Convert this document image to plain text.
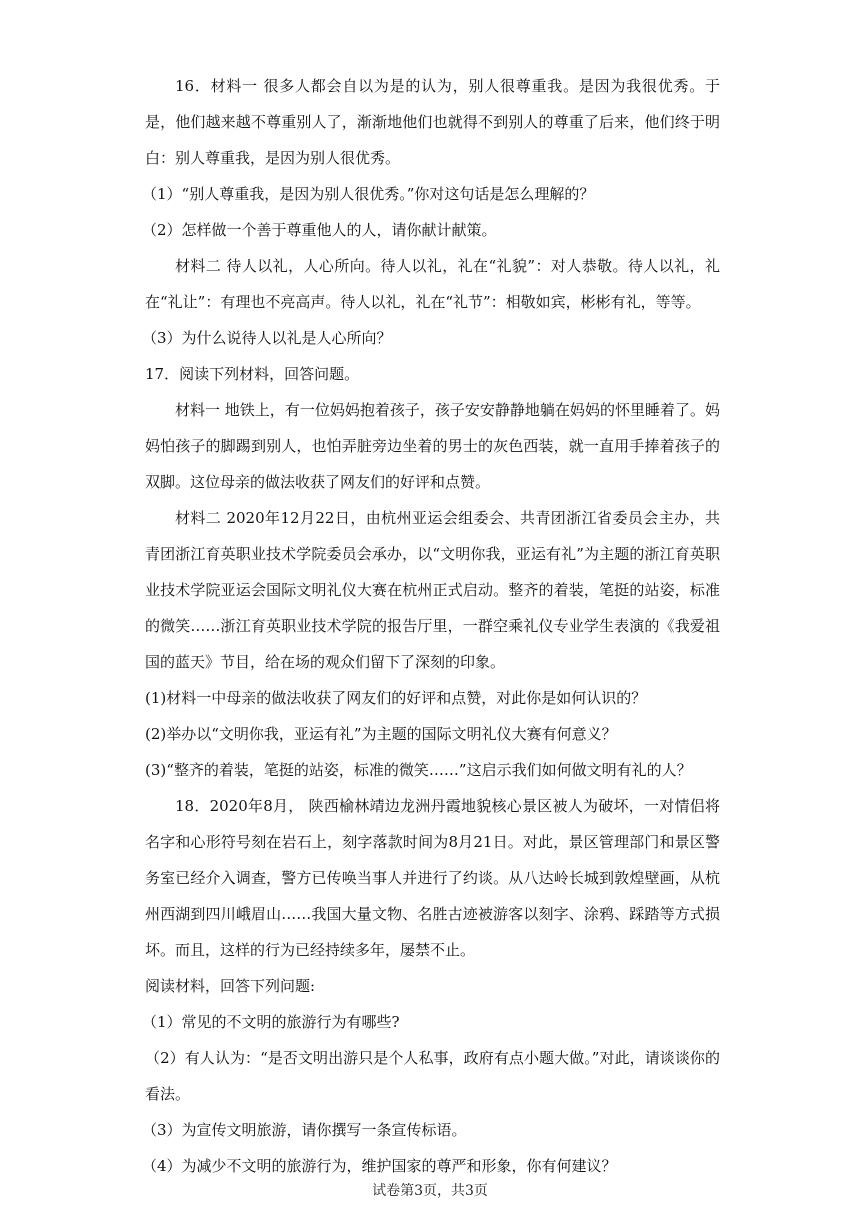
16．材料一 很多人都会自以为是的认为，别人很尊重我。是因为我很优秀。于是，他们越来越不尊重别人了，渐渐地他们也就得不到别人的尊重了后来，他们终于明白：别人尊重我，是因为别人很优秀。

（1）“别人尊重我，是因为别人很优秀。”你对这句话是怎么理解的？

（2）怎样做一个善于尊重他人的人，请你献计献策。

材料二 待人以礼，人心所向。待人以礼，礼在“礼貌”：对人恭敬。待人以礼，礼在“礼让”：有理也不亮高声。待人以礼，礼在“礼节”：相敬如宾，彬彬有礼，等等。

（3）为什么说待人以礼是人心所向？

17．阅读下列材料，回答问题。

材料一 地铁上，有一位妈妈抱着孩子，孩子安安静静地躺在妈妈的怀里睡着了。妈妈怕孩子的脚踢到别人，也怕弄脏旁边坐着的男士的灰色西装，就一直用手捧着孩子的双脚。这位母亲的做法收获了网友们的好评和点赞。

材料二 2020年12月22日，由杭州亚运会组委会、共青团浙江省委员会主办，共青团浙江育英职业技术学院委员会承办，以“文明你我，亚运有礼”为主题的浙江育英职业技术学院亚运会国际文明礼仪大赛在杭州正式启动。整齐的着装，笔挺的站姿，标准的微笑……浙江育英职业技术学院的报告厅里，一群空乘礼仪专业学生表演的《我爱祖国的蓝天》节目，给在场的观众们留下了深刻的印象。

(1)材料一中母亲的做法收获了网友们的好评和点赞，对此你是如何认识的？

(2)举办以“文明你我，亚运有礼”为主题的国际文明礼仪大赛有何意义？

(3)“整齐的着装，笔挺的站姿，标准的微笑……”这启示我们如何做文明有礼的人？

18．2020年8月， 陕西榆林靖边龙洲丹霞地貌核心景区被人为破坏，一对情侣将名字和心形符号刻在岩石上，刻字落款时间为8月21日。对此，景区管理部门和景区警务室已经介入调查，警方已传唤当事人并进行了约谈。从八达岭长城到敦煌壁画，从杭州西湖到四川峨眉山……我国大量文物、名胜古迹被游客以刻字、涂鸦、踩踏等方式损坏。而且，这样的行为已经持续多年，屡禁不止。

阅读材料，回答下列问题:

（1）常见的不文明的旅游行为有哪些?

（2）有人认为：“是否文明出游只是个人私事，政府有点小题大做。”对此，请谈谈你的看法。

（3）为宣传文明旅游，请你撰写一条宣传标语。

（4）为减少不文明的旅游行为，维护国家的尊严和形象，你有何建议？

试卷第3页，共3页
